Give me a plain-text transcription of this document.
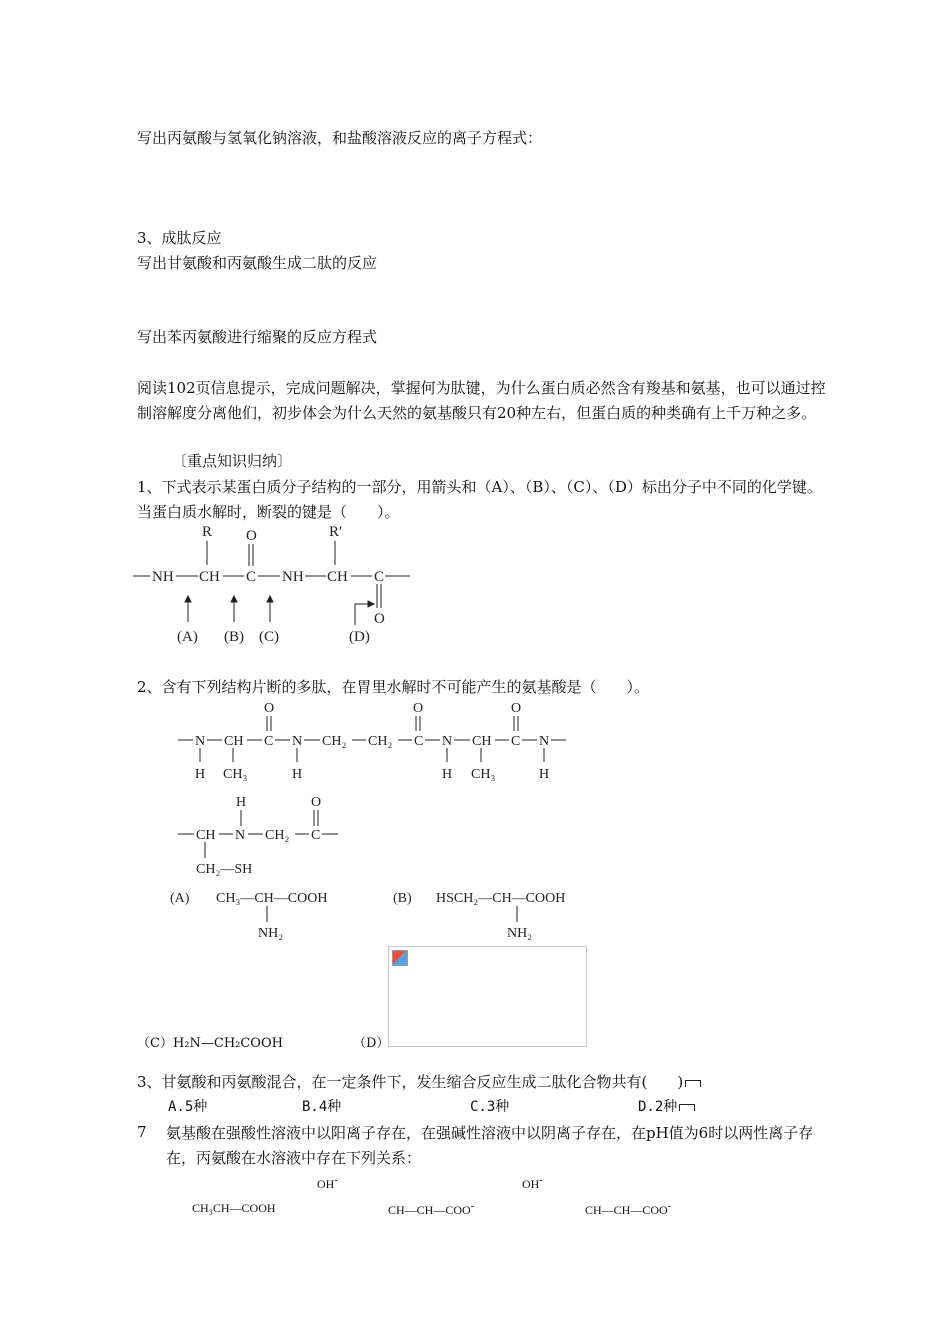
写出丙氨酸与氢氧化钠溶液，和盐酸溶液反应的离子方程式：
3、成肽反应
写出甘氨酸和丙氨酸生成二肽的反应
写出苯丙氨酸进行缩聚的反应方程式
阅读102页信息提示，完成问题解决，掌握何为肽键，为什么蛋白质必然含有羧基和氨基，也可以通过控制溶解度分离他们，初步体会为什么天然的氨基酸只有20种左右，但蛋白质的种类确有上千万种之多。
〔重点知识归纳〕
1、下式表示某蛋白质分子结构的一部分，用箭头和（A）、（B）、（C）、（D）标出分子中不同的化学键。当蛋白质水解时，断裂的键是（　　）。
NH CH C NH CH C
R O	R′
O
(A) (B) (C)	(D)
2、含有下列结构片断的多肽，在胃里水解时不可能产生的氨基酸是（　　）。
N CH C N CH₂ CH₂ C N CH C N
O	O	O
H CH₃	H	H CH₃	H
H	O
CH N CH₂ C
CH₂—SH
(A) CH₃—CH—COOH
NH₂
(B) HSCH₂—CH—COOH
NH₂
（C）H₂N—CH₂COOH	（D）
3、甘氨酸和丙氨酸混合，在一定条件下，发生缩合反应生成二肽化合物共有(　　)
A.5种	B.4种	C.3种	D.2种
7 氨基酸在强酸性溶液中以阳离子存在，在强碱性溶液中以阴离子存在，在pH值为6时以两性离子存在，丙氨酸在水溶液中存在下列关系：
OH-	OH-
CH₃CH—COOH	CH—CH—COO-	CH—CH—COO-
